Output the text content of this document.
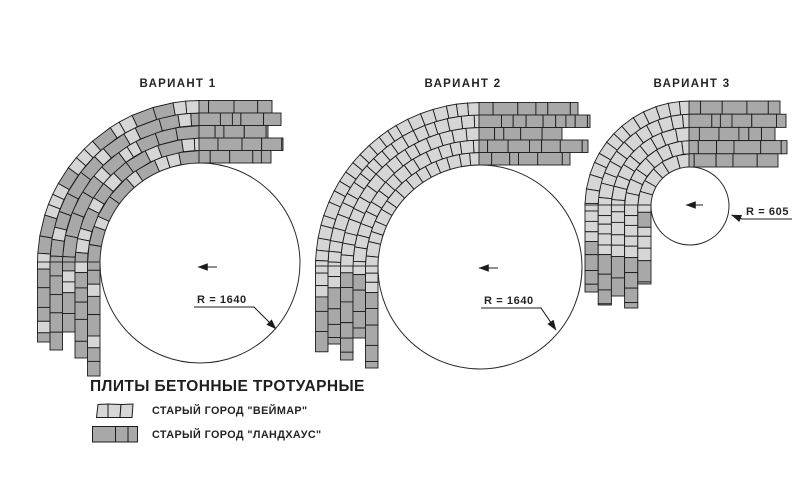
R = 1640
ВАРИАНТ 1
R = 1640
ВАРИАНТ 2
R = 605
ВАРИАНТ 3
ПЛИТЫ БЕТОННЫЕ ТРОТУАРНЫЕ
СТАРЫЙ ГОРОД "ВЕЙМАР"
СТАРЫЙ ГОРОД "ЛАНДХАУС"
